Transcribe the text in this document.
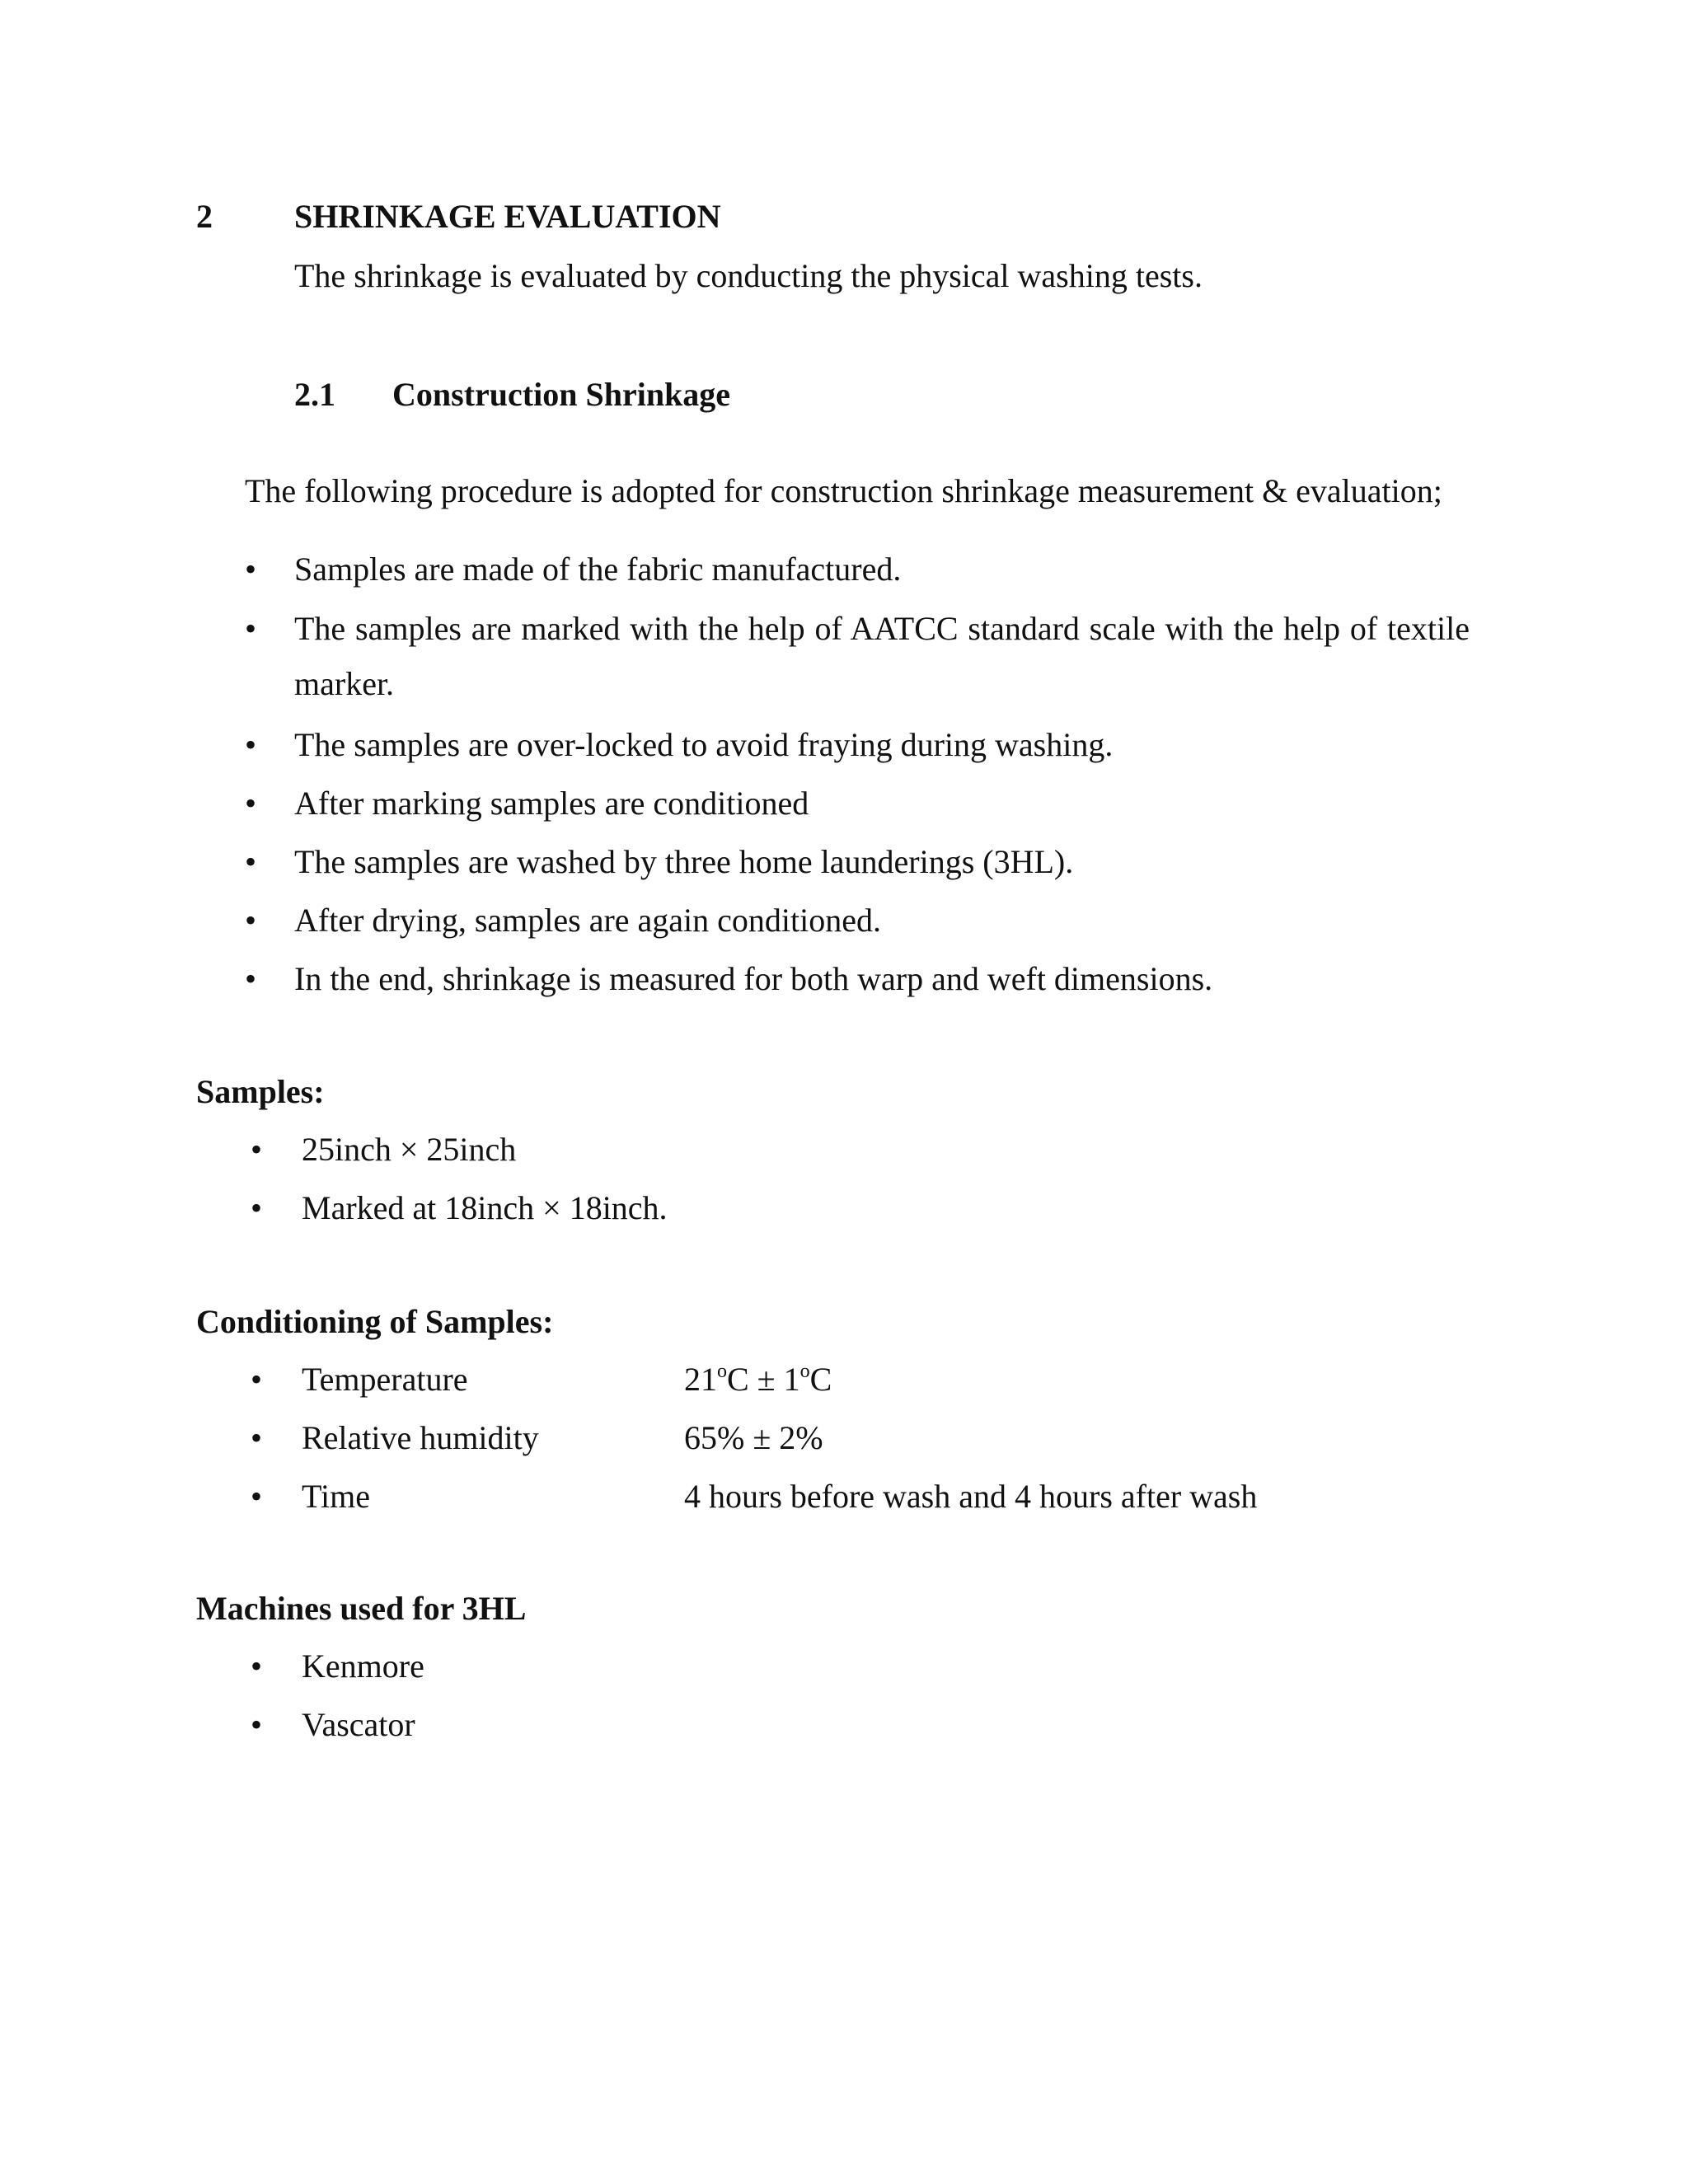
2 SHRINKAGE EVALUATION
The shrinkage is evaluated by conducting the physical washing tests.
2.1 Construction Shrinkage
The following procedure is adopted for construction shrinkage measurement & evaluation;
• Samples are made of the fabric manufactured.
• The samples are marked with the help of AATCC standard scale with the help of textile
marker.
• The samples are over-locked to avoid fraying during washing.
• After marking samples are conditioned
• The samples are washed by three home launderings (3HL).
• After drying, samples are again conditioned.
• In the end, shrinkage is measured for both warp and weft dimensions.
Samples:
• 25inch × 25inch
• Marked at 18inch × 18inch.
Conditioning of Samples:
• Temperature	$21^oC \pm 1^oC$
• Relative humidity	65% ± 2%
• Time	4 hours before wash and 4 hours after wash
Machines used for 3HL
• Kenmore
• Vascator
